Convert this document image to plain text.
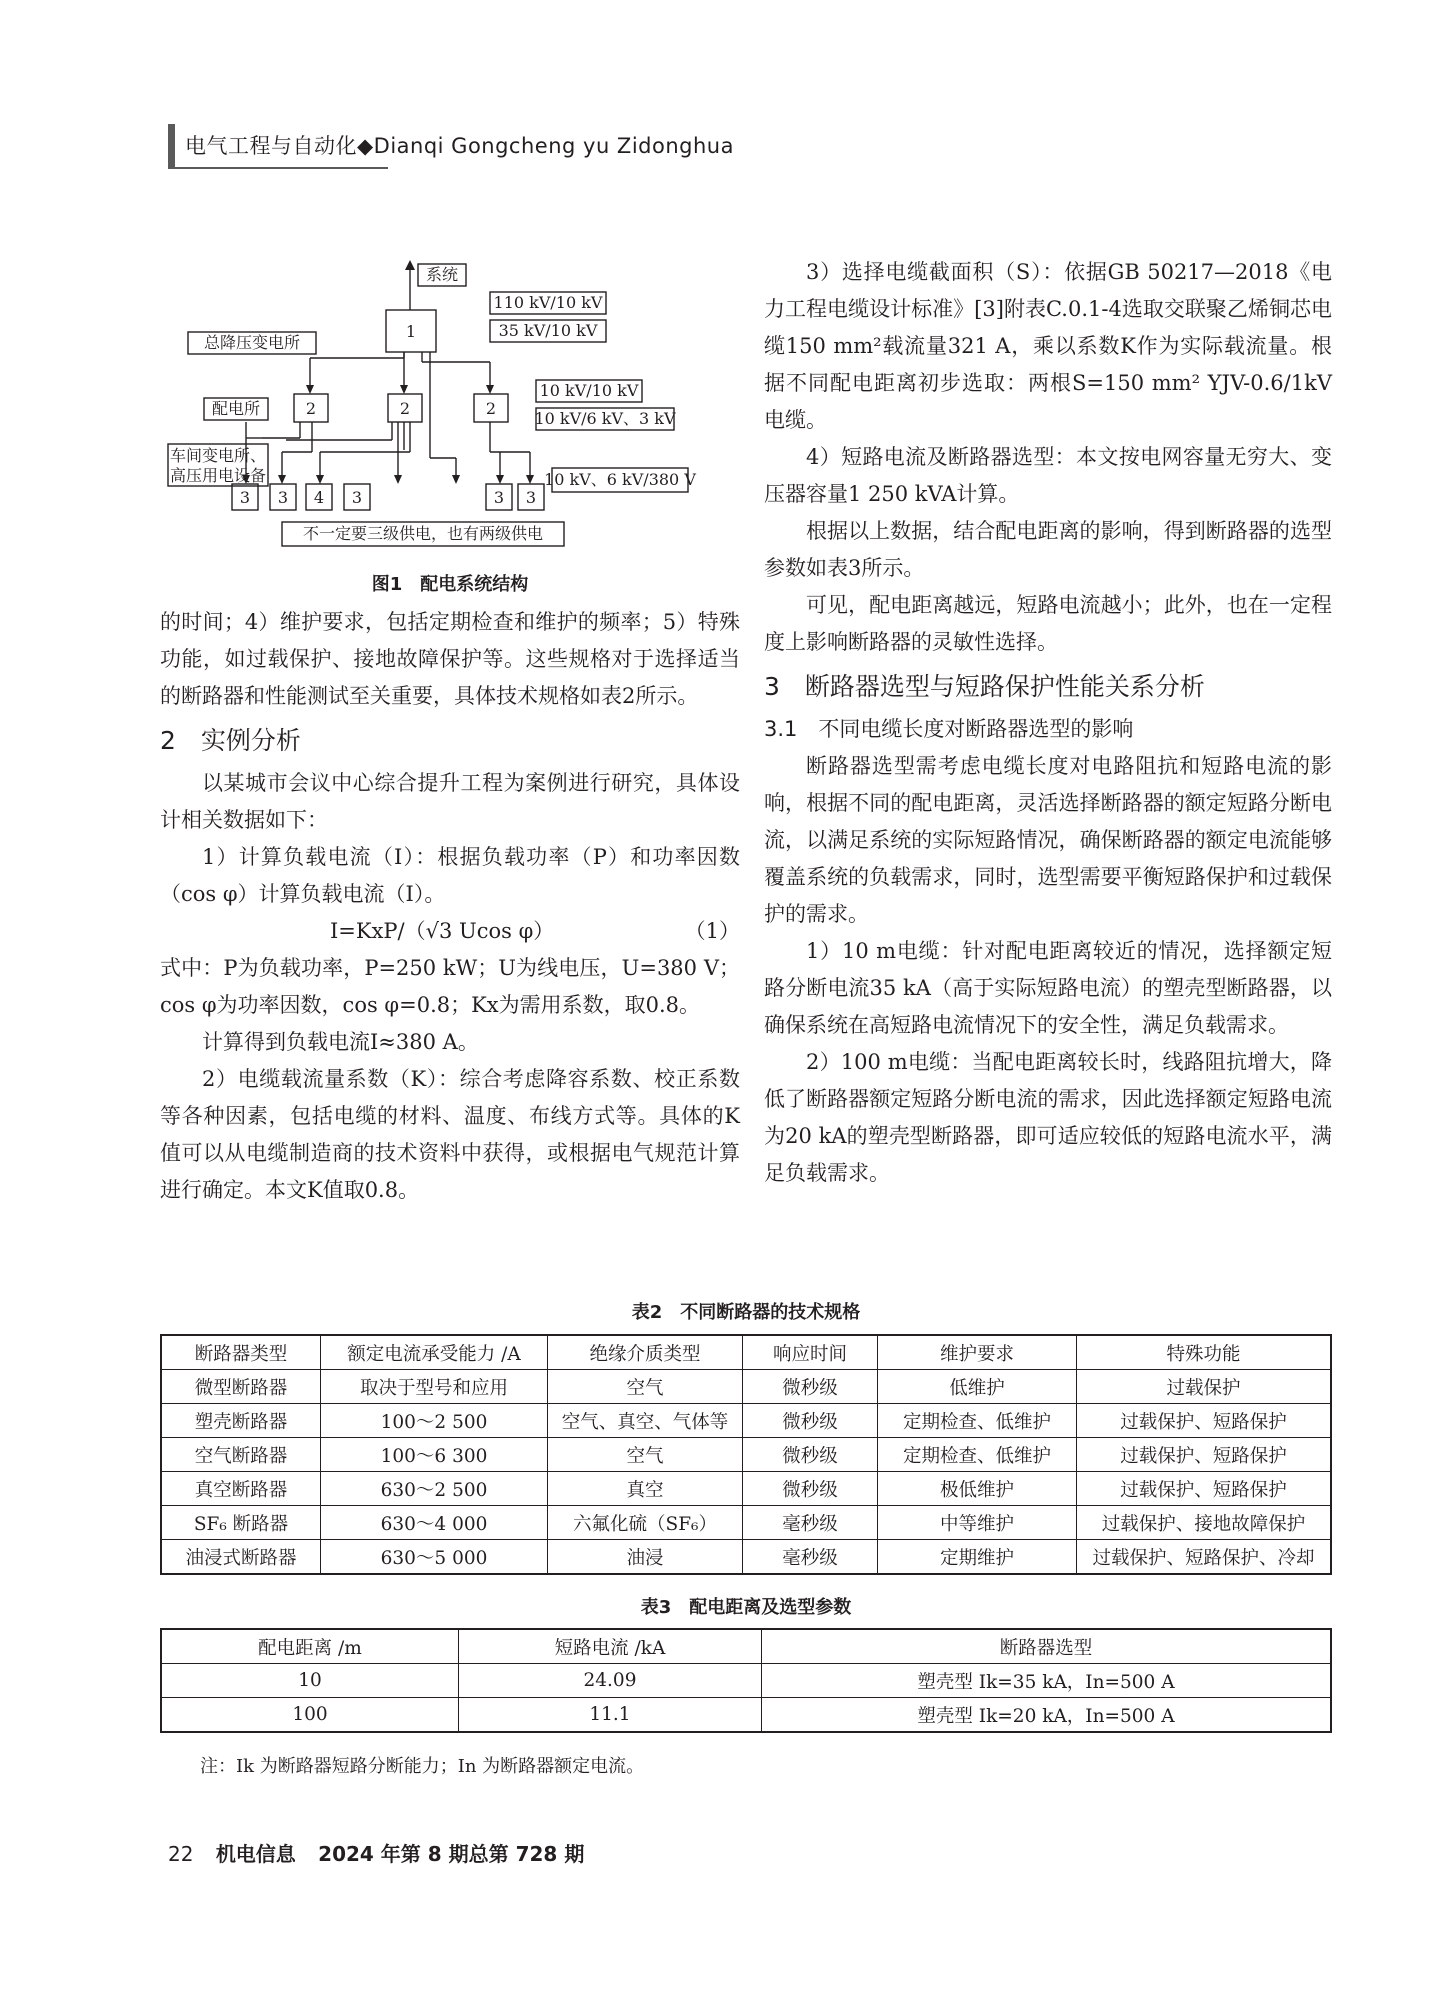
电气工程与自动化◆Dianqi Gongcheng yu Zidonghua
系统
1
110 kV/10 kV
35 kV/10 kV
总降压变电所
配电所	2	2	2
10 kV/10 kV
10 kV/6 kV、3 kV
车间变电所、
高压用电设备
3 3 4 3	3 3
10 kV、6 kV/380 V
不一定要三级供电，也有两级供电
图1　配电系统结构

的时间；4）维护要求，包括定期检查和维护的频率；5）特殊功能，如过载保护、接地故障保护等。这些规格对于选择适当的断路器和性能测试至关重要，具体技术规格如表2所示。

2　实例分析

以某城市会议中心综合提升工程为案例进行研究，具体设计相关数据如下：

1）计算负载电流（I）：根据负载功率（P）和功率因数（cos φ）计算负载电流（I）。

I=KxP/（√3 Ucos φ）	（1）

式中：P为负载功率，P=250 kW；U为线电压，U=380 V；cos φ为功率因数，cos φ=0.8；Kx为需用系数，取0.8。

计算得到负载电流I≈380 A。

2）电缆载流量系数（K）：综合考虑降容系数、校正系数等各种因素，包括电缆的材料、温度、布线方式等。具体的K值可以从电缆制造商的技术资料中获得，或根据电气规范计算进行确定。本文K值取0.8。

3）选择电缆截面积（S）：依据GB 50217—2018《电力工程电缆设计标准》[3]附表C.0.1-4选取交联聚乙烯铜芯电缆150 mm²载流量321 A，乘以系数K作为实际载流量。根据不同配电距离初步选取：两根S=150 mm² YJV-0.6/1kV电缆。

4）短路电流及断路器选型：本文按电网容量无穷大、变压器容量1 250 kVA计算。

根据以上数据，结合配电距离的影响，得到断路器的选型参数如表3所示。

可见，配电距离越远，短路电流越小；此外，也在一定程度上影响断路器的灵敏性选择。

3　断路器选型与短路保护性能关系分析
3.1　不同电缆长度对断路器选型的影响

断路器选型需考虑电缆长度对电路阻抗和短路电流的影响，根据不同的配电距离，灵活选择断路器的额定短路分断电流，以满足系统的实际短路情况，确保断路器的额定电流能够覆盖系统的负载需求，同时，选型需要平衡短路保护和过载保护的需求。

1）10 m电缆：针对配电距离较近的情况，选择额定短路分断电流35 kA（高于实际短路电流）的塑壳型断路器，以确保系统在高短路电流情况下的安全性，满足负载需求。

2）100 m电缆：当配电距离较长时，线路阻抗增大，降低了断路器额定短路分断电流的需求，因此选择额定短路电流为20 kA的塑壳型断路器，即可适应较低的短路电流水平，满足负载需求。

表2　不同断路器的技术规格
断路器类型	额定电流承受能力 /A	绝缘介质类型	响应时间	维护要求	特殊功能
微型断路器	取决于型号和应用	空气	微秒级	低维护	过载保护
塑壳断路器	100～2 500	空气、真空、气体等	微秒级	定期检查、低维护	过载保护、短路保护
空气断路器	100～6 300	空气	微秒级	定期检查、低维护	过载保护、短路保护
真空断路器	630～2 500	真空	微秒级	极低维护	过载保护、短路保护
SF₆ 断路器	630～4 000	六氟化硫（SF₆）	毫秒级	中等维护	过载保护、接地故障保护
油浸式断路器	630～5 000	油浸	毫秒级	定期维护	过载保护、短路保护、冷却
表3　配电距离及选型参数
配电距离 /m	短路电流 /kA	断路器选型
10	24.09	塑壳型 Ik=35 kA，In=500 A
100	11.1	塑壳型 Ik=20 kA，In=500 A
注：Ik 为断路器短路分断能力；In 为断路器额定电流。
22 机电信息 2024 年第 8 期总第 728 期
